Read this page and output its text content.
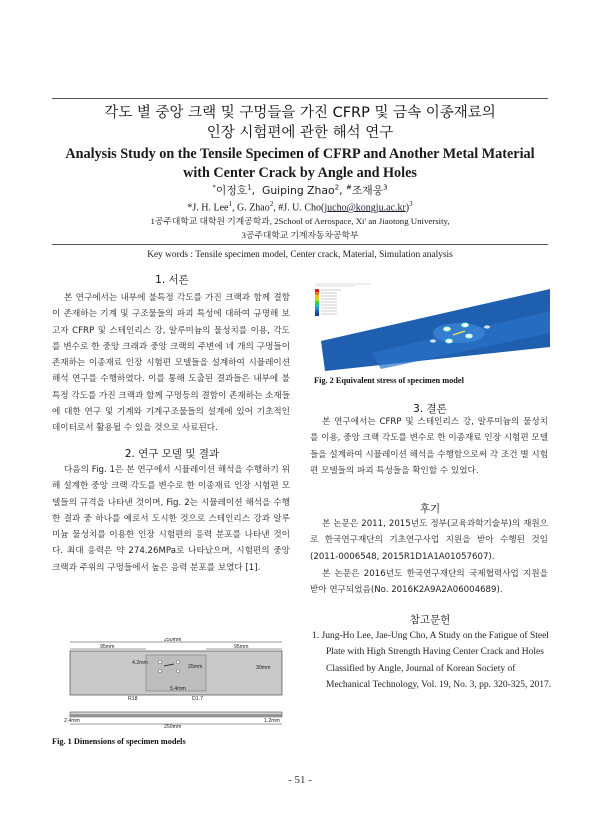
각도 별 중앙 크랙 및 구멍들을 가진 CFRP 및 금속 이종재료의
인장 시험편에 관한 해석 연구
Analysis Study on the Tensile Specimen of CFRP and Another Metal Material
with Center Crack by Angle and Holes
*이정호$^1$,  Guiping Zhao$^2$, #조재웅$^3$
*J. H. Lee$^1$, G. Zhao$^2$, #J. U. Cho(jucho@kongju.ac.kr)$^3$
1공주대학교 대학원 기계공학과, 2School of Aerospace, Xi' an Jiaotong University,
3공주대학교 기계자동차공학부
Key words : Tensile specimen model, Center crack, Material, Simulation analysis
1. 서론

본 연구에서는 내부에 불특정 각도를 가진 크랙과 함께 결함이 존재하는 기계 및 구조물들의 파괴 특성에 대하여 규명해 보고자 CFRP 및 스테인리스 강, 알루미늄의 물성치를 이용, 각도를 변수로 한 중앙 크래과 중앙 크랙의 주변에 네 개의 구멍들이 존재하는 이종재료 인장 시험편 모델들을 설계하여 시뮬레이션 해석 연구를 수행하였다. 이를 통해 도출된 결과들은 내부에 불특정 각도를 가진 크랙과 함께 구멍등의 결함이 존재하는 소재들에 대한 연구 및 기계와 기계구조물들의 설계에 있어 기초적인 데이터로서 활용될 수 있을 것으로 사료된다.

2. 연구 모델 및 결과

다음의 Fig. 1은 본 연구에서 시뮬레이션 해석을 수행하기 위해 설계한 중앙 크랙 각도를 변수로 한 이종재료 인장 시험편 모델들의 규격을 나타낸 것이며, Fig. 2는 시뮬레이션 해석을 수행한 결과 중 하나를 예로서 도시한 것으로 스테인리스 강과 알루미늄 물성치를 이용한 인장 시험편의 응력 분포를 나타낸 것이다. 최대 응력은 약 274.26MPa로 나타났으며, 시험편의 중앙 크랙과 주위의 구멍들에서 높은 응력 분포를 보였다 [1].

250mm
95mm	95mm
4.2mm
25mm	30mm
5.4mm
D1.7
R18
2.4mm
250mm
1.2mm
Fig. 1 Dimensions of specimen models
Fig. 2 Equivalent stress of specimen model
3. 결론

본 연구에서는 CFRP 및 스테인리스 강, 알루미늄의 물성치를 이용, 중앙 크랙 각도를 변수로 한 이종재료 인장 시험편 모델들을 설계하여 시뮬레이션 해석을 수행함으로써 각 조건 별 시험편 모델들의 파괴 특성들을 확인할 수 있었다.

후기

본 논문은 2011, 2015년도 정부(교육과학기술부)의 재원으로 한국연구재단의 기초연구사업 지원을 받아 수행된 것임(2011-0006548, 2015R1D1A1A01057607).

본 논문은 2016년도 한국연구재단의 국제협력사업 지원을 받아 연구되었음(No. 2016K2A9A2A06004689).

참고문헌

1. Jung-Ho Lee, Jae-Ung Cho, A Study on the Fatigue of Steel Plate with High Strength Having Center Crack and Holes Classified by Angle, Journal of Korean Society of Mechanical Technology, Vol. 19, No. 3, pp. 320-325, 2017.

- 51 -
